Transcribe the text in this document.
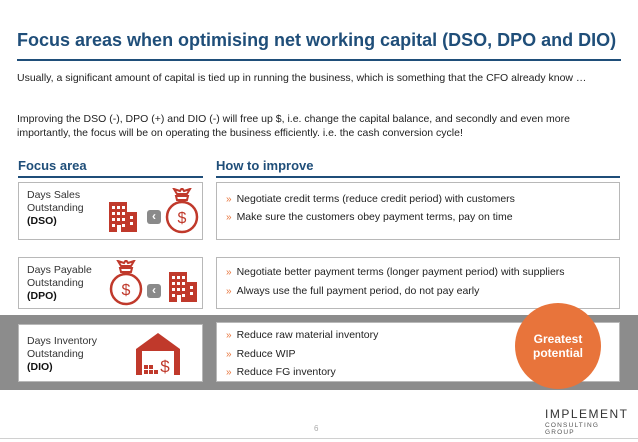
Focus areas when optimising net working capital (DSO, DPO and DIO)
Usually, a significant amount of capital is tied up in running the business, which is something that the CFO already know …
Improving the DSO (-), DPO (+) and DIO (-) will free up $, i.e. change the capital balance, and secondly and even more importantly, the focus will be on operating the business efficiently. i.e. the cash conversion cycle!
Focus area	How to improve
Days Sales
Outstanding
(DSO)	‹	$
» Negotiate credit terms (reduce credit period) with customers
» Make sure the customers obey payment terms, pay on time
Days Payable
Outstanding
(DPO)	$	‹
» Negotiate better payment terms (longer payment period) with suppliers
» Always use the full payment period, do not pay early
Days Inventory
Outstanding
(DIO)	$
» Reduce raw material inventory
» Reduce WIP
» Reduce FG inventory
Greatest
potential
6
IMPLEMENT
CONSULTING GROUP
